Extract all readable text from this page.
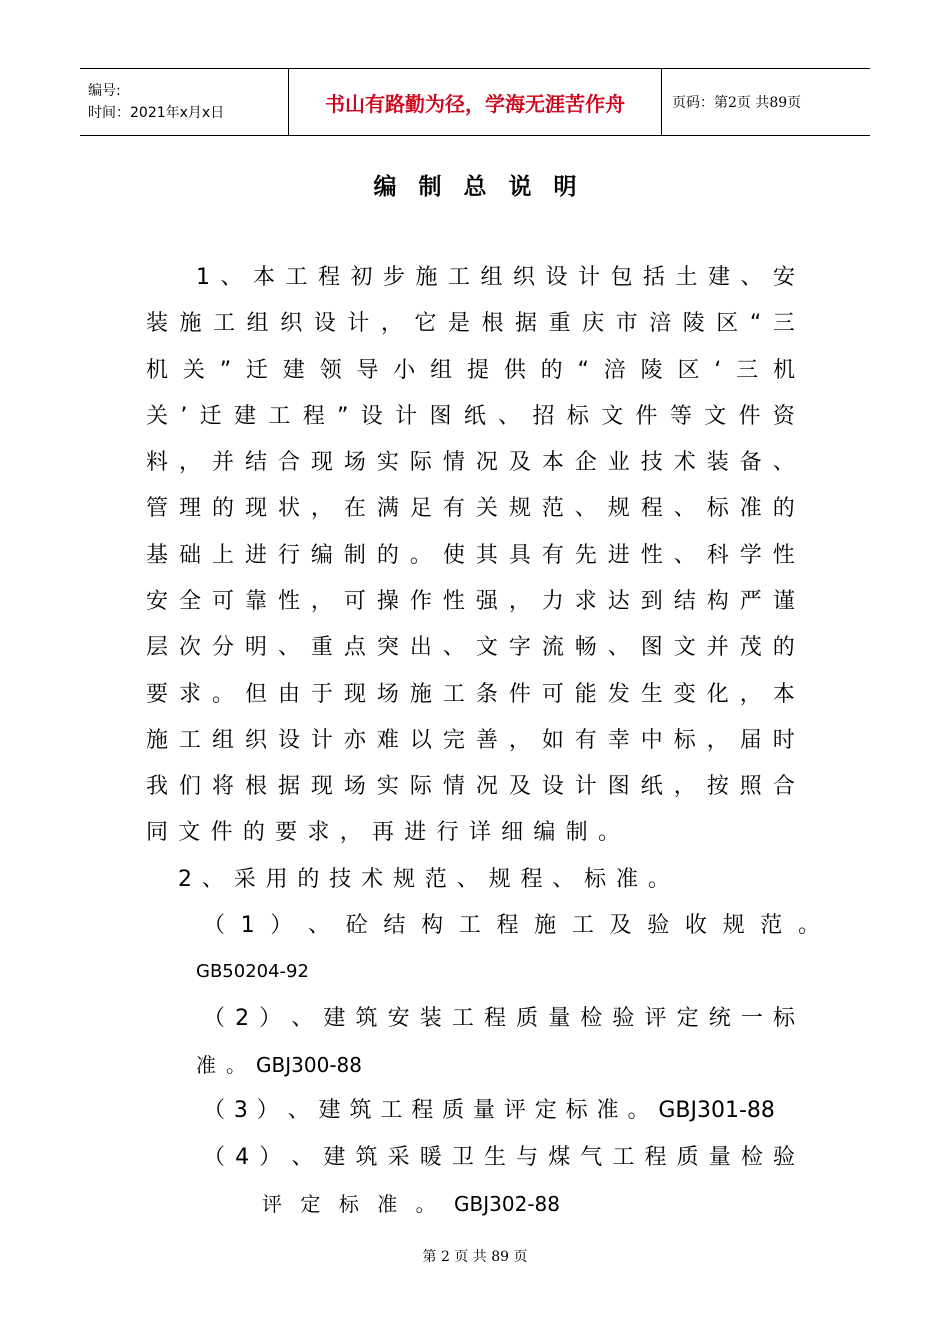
编号:
时间：2021年x月x日	书山有路勤为径，学海无涯苦作舟	页码：第2页 共89页
编制总说明
1 、 本 工 程 初 步 施 工 组 织 设 计 包 括 土 建 、 安
装 施 工 组 织 设 计 ， 它 是 根 据 重 庆 市 涪 陵 区 “ 三
机 关 ” 迁 建 领 导 小 组 提 供 的 “ 涪 陵 区 ‘ 三 机
关 ’ 迁 建 工 程 ” 设 计 图 纸 、 招 标 文 件 等 文 件 资
料 ， 并 结 合 现 场 实 际 情 况 及 本 企 业 技 术 装 备 、
管 理 的 现 状 ， 在 满 足 有 关 规 范 、 规 程 、 标 准 的
基 础 上 进 行 编 制 的 。 使 其 具 有 先 进 性 、 科 学 性
安 全 可 靠 性 ， 可 操 作 性 强 ， 力 求 达 到 结 构 严 谨
层 次 分 明 、 重 点 突 出 、 文 字 流 畅 、 图 文 并 茂 的
要 求 。 但 由 于 现 场 施 工 条 件 可 能 发 生 变 化 ， 本
施 工 组 织 设 计 亦 难 以 完 善 ， 如 有 幸 中 标 ， 届 时
我 们 将 根 据 现 场 实 际 情 况 及 设 计 图 纸 ， 按 照 合
同 文 件 的 要 求 ， 再 进 行 详 细 编 制 。
2 、 采 用 的 技 术 规 范 、 规 程 、 标 准 。
（ 1 ） 、 砼 结 构 工 程 施 工 及 验 收 规 范 。
GB50204-92
（ 2 ） 、 建 筑 安 装 工 程 质 量 检 验 评 定 统 一 标
准 。 GBJ300-88
（ 3 ） 、 建 筑 工 程 质 量 评 定 标 准 。 GBJ301-88
（ 4 ） 、 建 筑 采 暖 卫 生 与 煤 气 工 程 质 量 检 验
评 定 标 准 。 GBJ302-88
第 2 页 共 89 页
